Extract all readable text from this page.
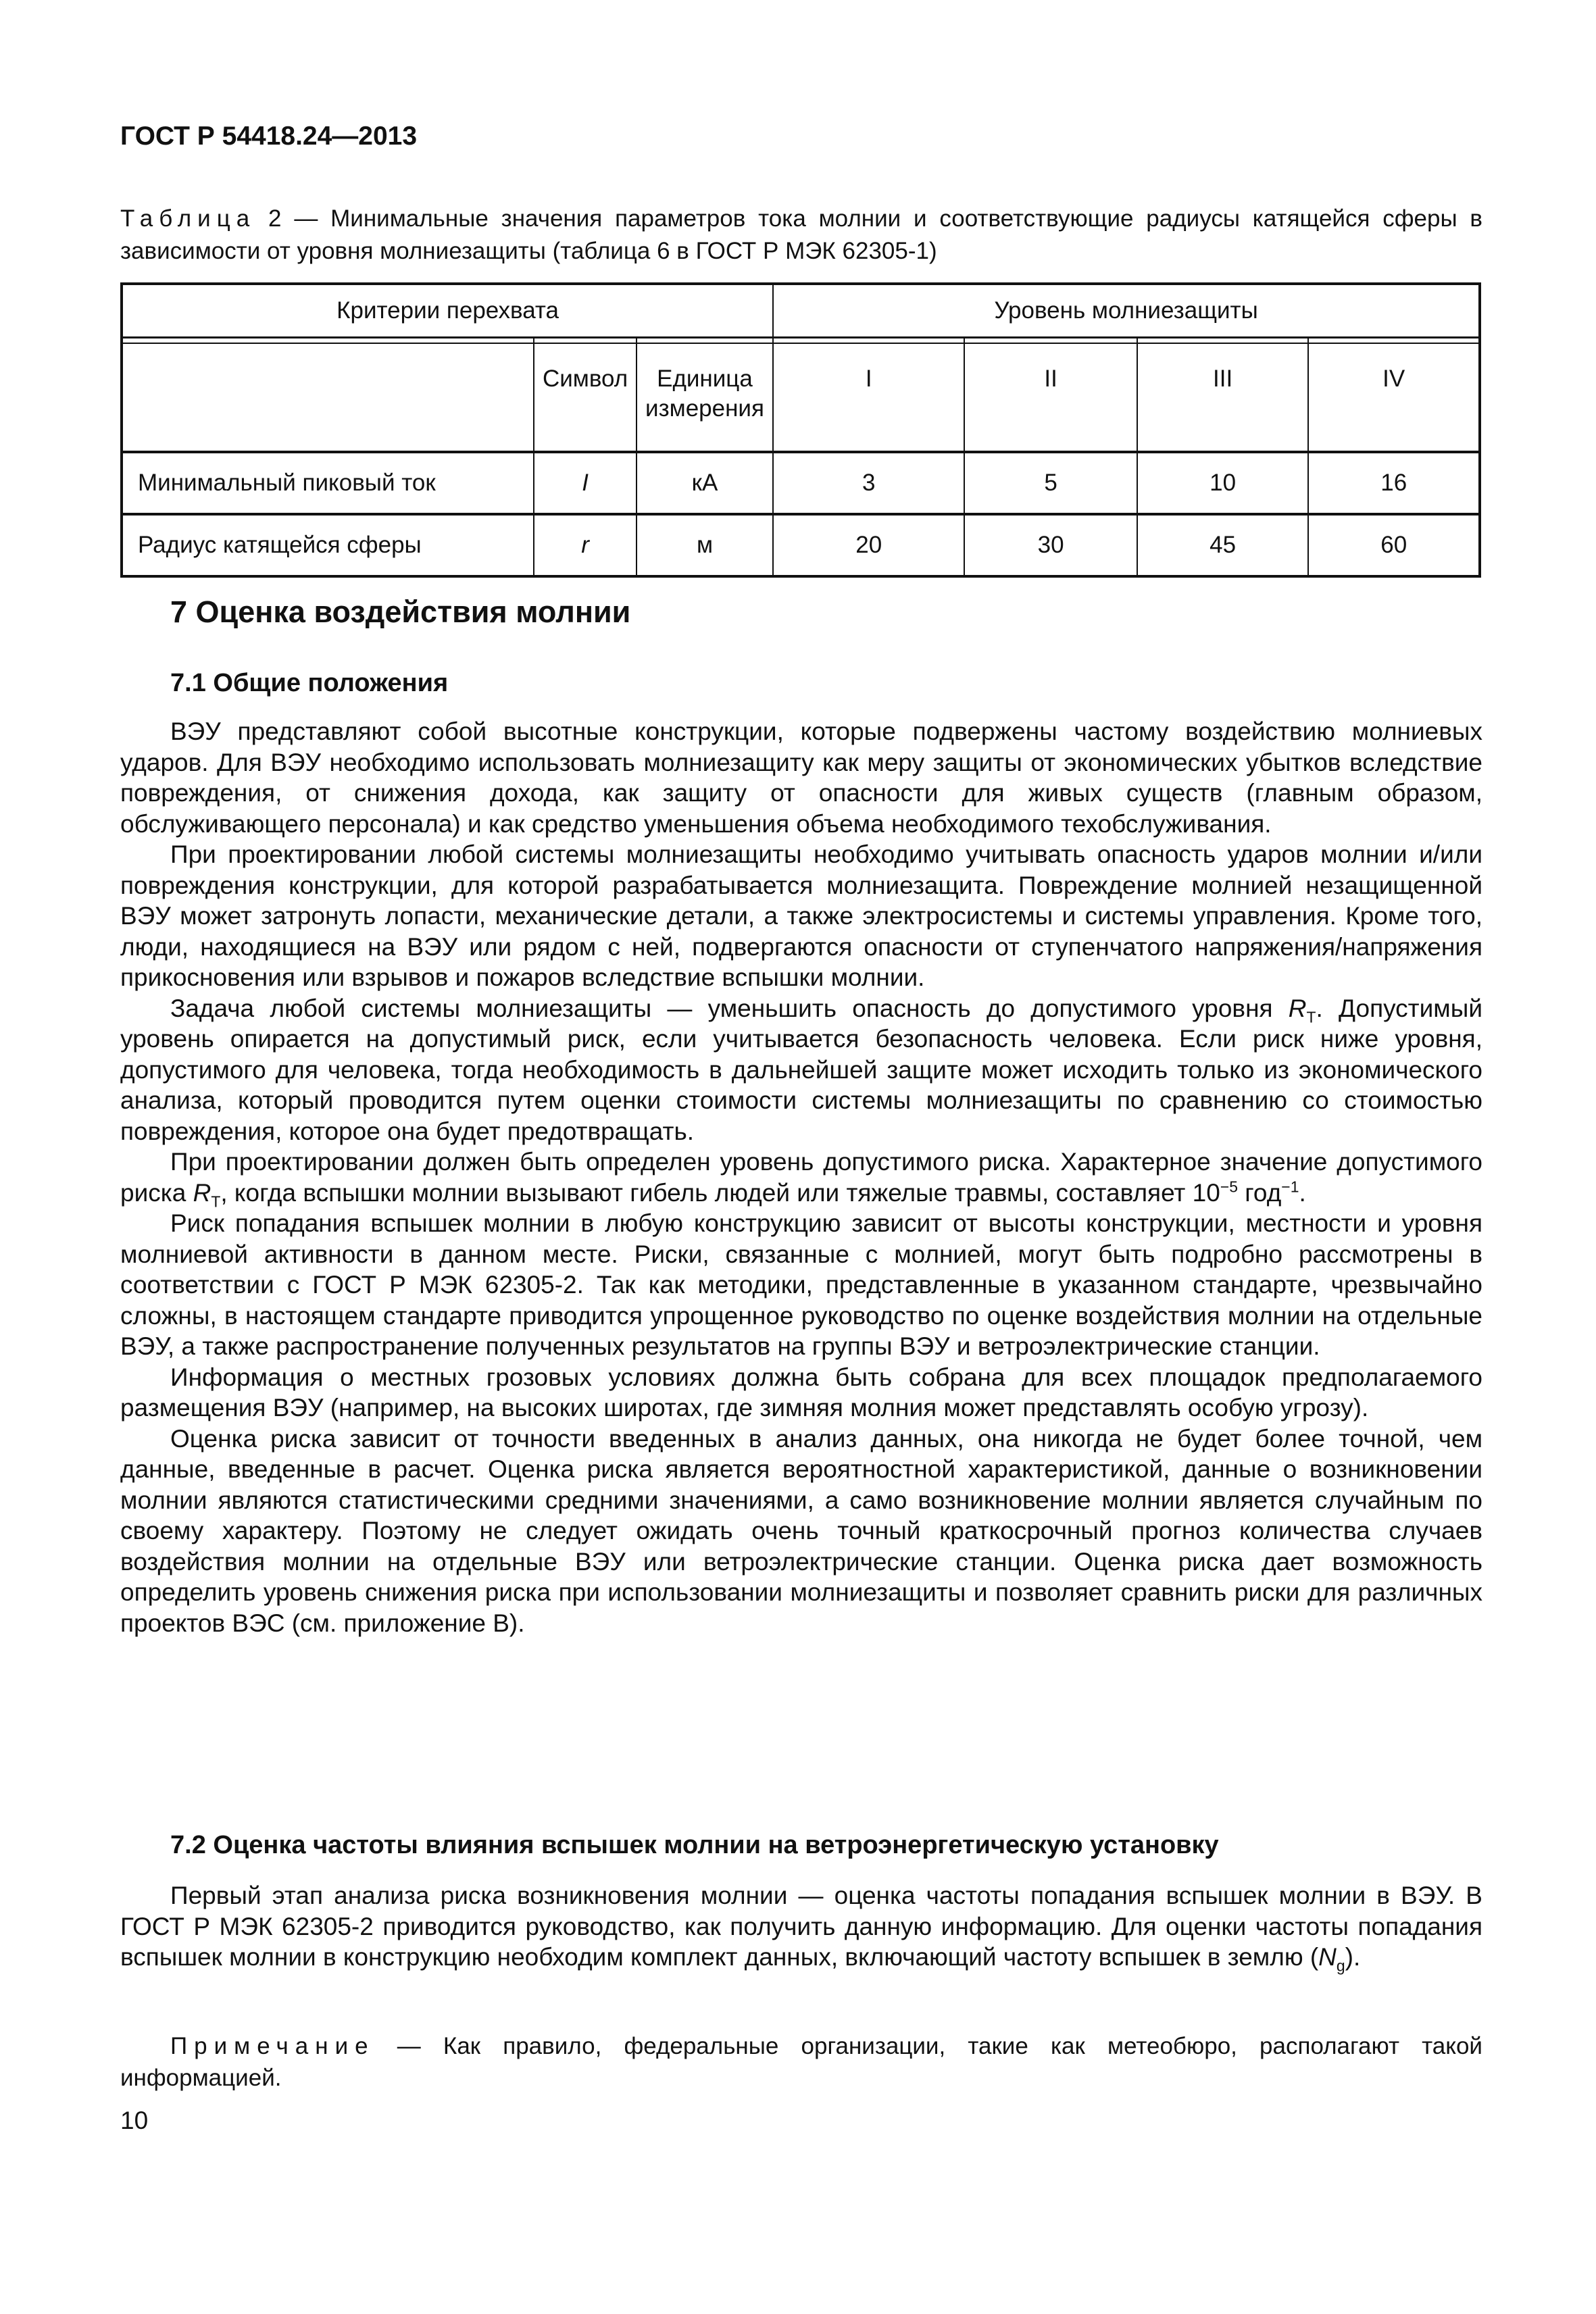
ГОСТ Р 54418.24—2013
Таблица 2 — Минимальные значения параметров тока молнии и соответствующие радиусы катящейся сферы в зависимости от уровня молниезащиты (таблица 6 в ГОСТ Р МЭК 62305-1)
Критерии перехвата			Уровень молниезащиты			

	Символ	Единица измерения	I	II	III	IV
Минимальный пиковый ток	I	кА	3	5	10	16
Радиус катящейся сферы	r	м	20	30	45	60
7 Оценка воздействия молнии
7.1 Общие положения

ВЭУ представляют собой высотные конструкции, которые подвержены частому воздействию молниевых ударов. Для ВЭУ необходимо использовать молниезащиту как меру защиты от экономических убытков вследствие повреждения, от снижения дохода, как защиту от опасности для живых существ (главным образом, обслуживающего персонала) и как средство уменьшения объема необходимого техобслуживания.

При проектировании любой системы молниезащиты необходимо учитывать опасность ударов молнии и/или повреждения конструкции, для которой разрабатывается молниезащита. Повреждение молнией незащищенной ВЭУ может затронуть лопасти, механические детали, а также электросистемы и системы управления. Кроме того, люди, находящиеся на ВЭУ или рядом с ней, подвергаются опасности от ступенчатого напряжения/напряжения прикосновения или взрывов и пожаров вследствие вспышки молнии.

Задача любой системы молниезащиты — уменьшить опасность до допустимого уровня $R_T$. Допустимый уровень опирается на допустимый риск, если учитывается безопасность человека. Если риск ниже уровня, допустимого для человека, тогда необходимость в дальнейшей защите может исходить только из экономического анализа, который проводится путем оценки стоимости системы молниезащиты по сравнению со стоимостью повреждения, которое она будет предотвращать.

При проектировании должен быть определен уровень допустимого риска. Характерное значение допустимого риска $R_T$, когда вспышки молнии вызывают гибель людей или тяжелые травмы, составляет $10^{-5}$ год$^{-1}$.

Риск попадания вспышек молнии в любую конструкцию зависит от высоты конструкции, местности и уровня молниевой активности в данном месте. Риски, связанные с молнией, могут быть подробно рассмотрены в соответствии с ГОСТ Р МЭК 62305-2. Так как методики, представленные в указанном стандарте, чрезвычайно сложны, в настоящем стандарте приводится упрощенное руководство по оценке воздействия молнии на отдельные ВЭУ, а также распространение полученных результатов на группы ВЭУ и ветроэлектрические станции.

Информация о местных грозовых условиях должна быть собрана для всех площадок предполагаемого размещения ВЭУ (например, на высоких широтах, где зимняя молния может представлять особую угрозу).

Оценка риска зависит от точности введенных в анализ данных, она никогда не будет более точной, чем данные, введенные в расчет. Оценка риска является вероятностной характеристикой, данные о возникновении молнии являются статистическими средними значениями, а само возникновение молнии является случайным по своему характеру. Поэтому не следует ожидать очень точный краткосрочный прогноз количества случаев воздействия молнии на отдельные ВЭУ или ветроэлектрические станции. Оценка риска дает возможность определить уровень снижения риска при использовании молниезащиты и позволяет сравнить риски для различных проектов ВЭС (см. приложение В).

7.2 Оценка частоты влияния вспышек молнии на ветроэнергетическую установку

Первый этап анализа риска возникновения молнии — оценка частоты попадания вспышек молнии в ВЭУ. В ГОСТ Р МЭК 62305-2 приводится руководство, как получить данную информацию. Для оценки частоты попадания вспышек молнии в конструкцию необходим комплект данных, включающий частоту вспышек в землю $(N_g)$.

Примечание — Как правило, федеральные организации, такие как метеобюро, располагают такой информацией.
10
